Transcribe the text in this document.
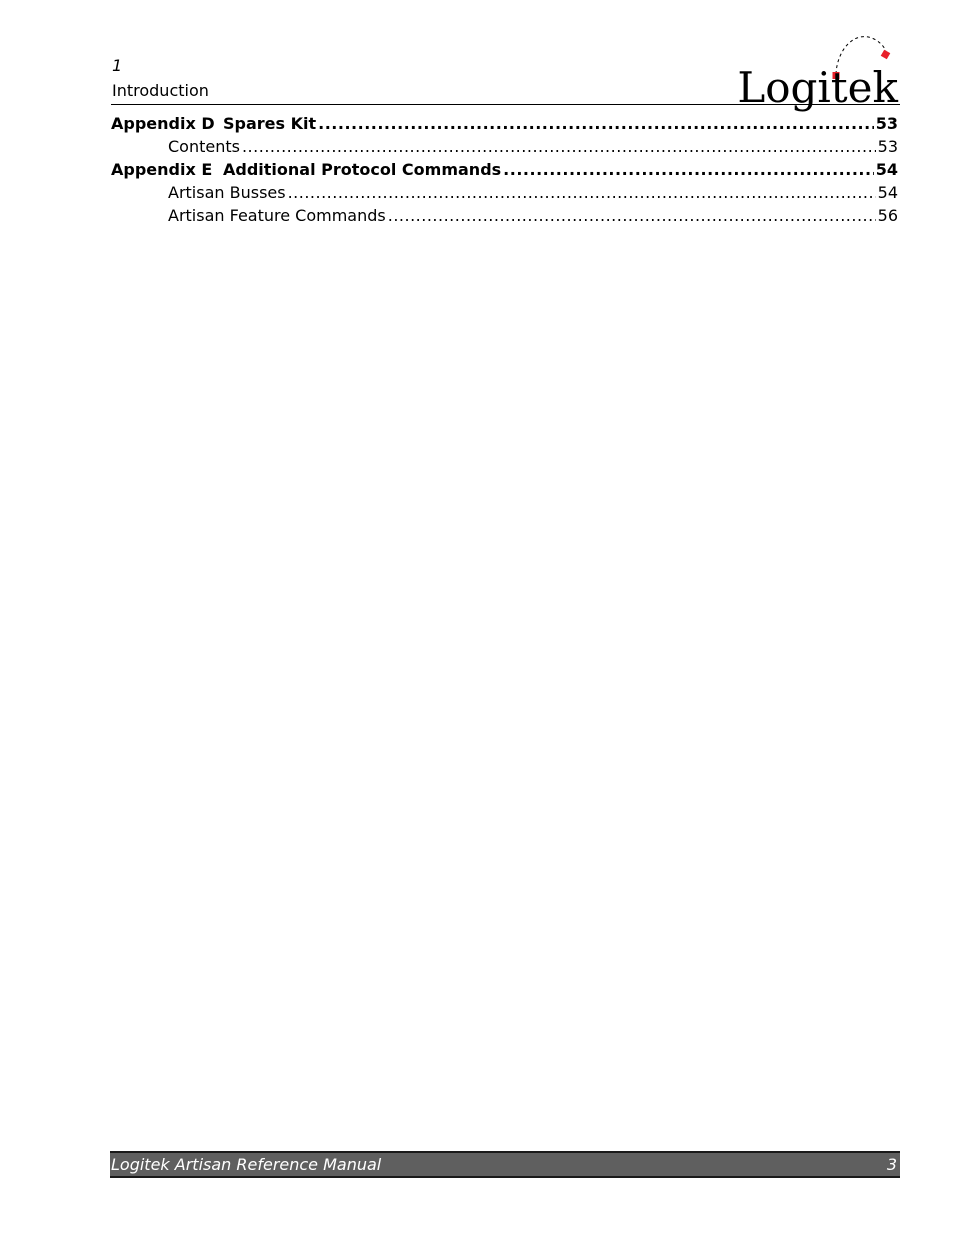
1
Introduction	Logitek
Appendix D Spares Kit .....	53
Contents .....	53
Appendix E Additional Protocol Commands .....	54
Artisan Busses .....	54
Artisan Feature Commands .....	56
Logitek Artisan Reference Manual	3
